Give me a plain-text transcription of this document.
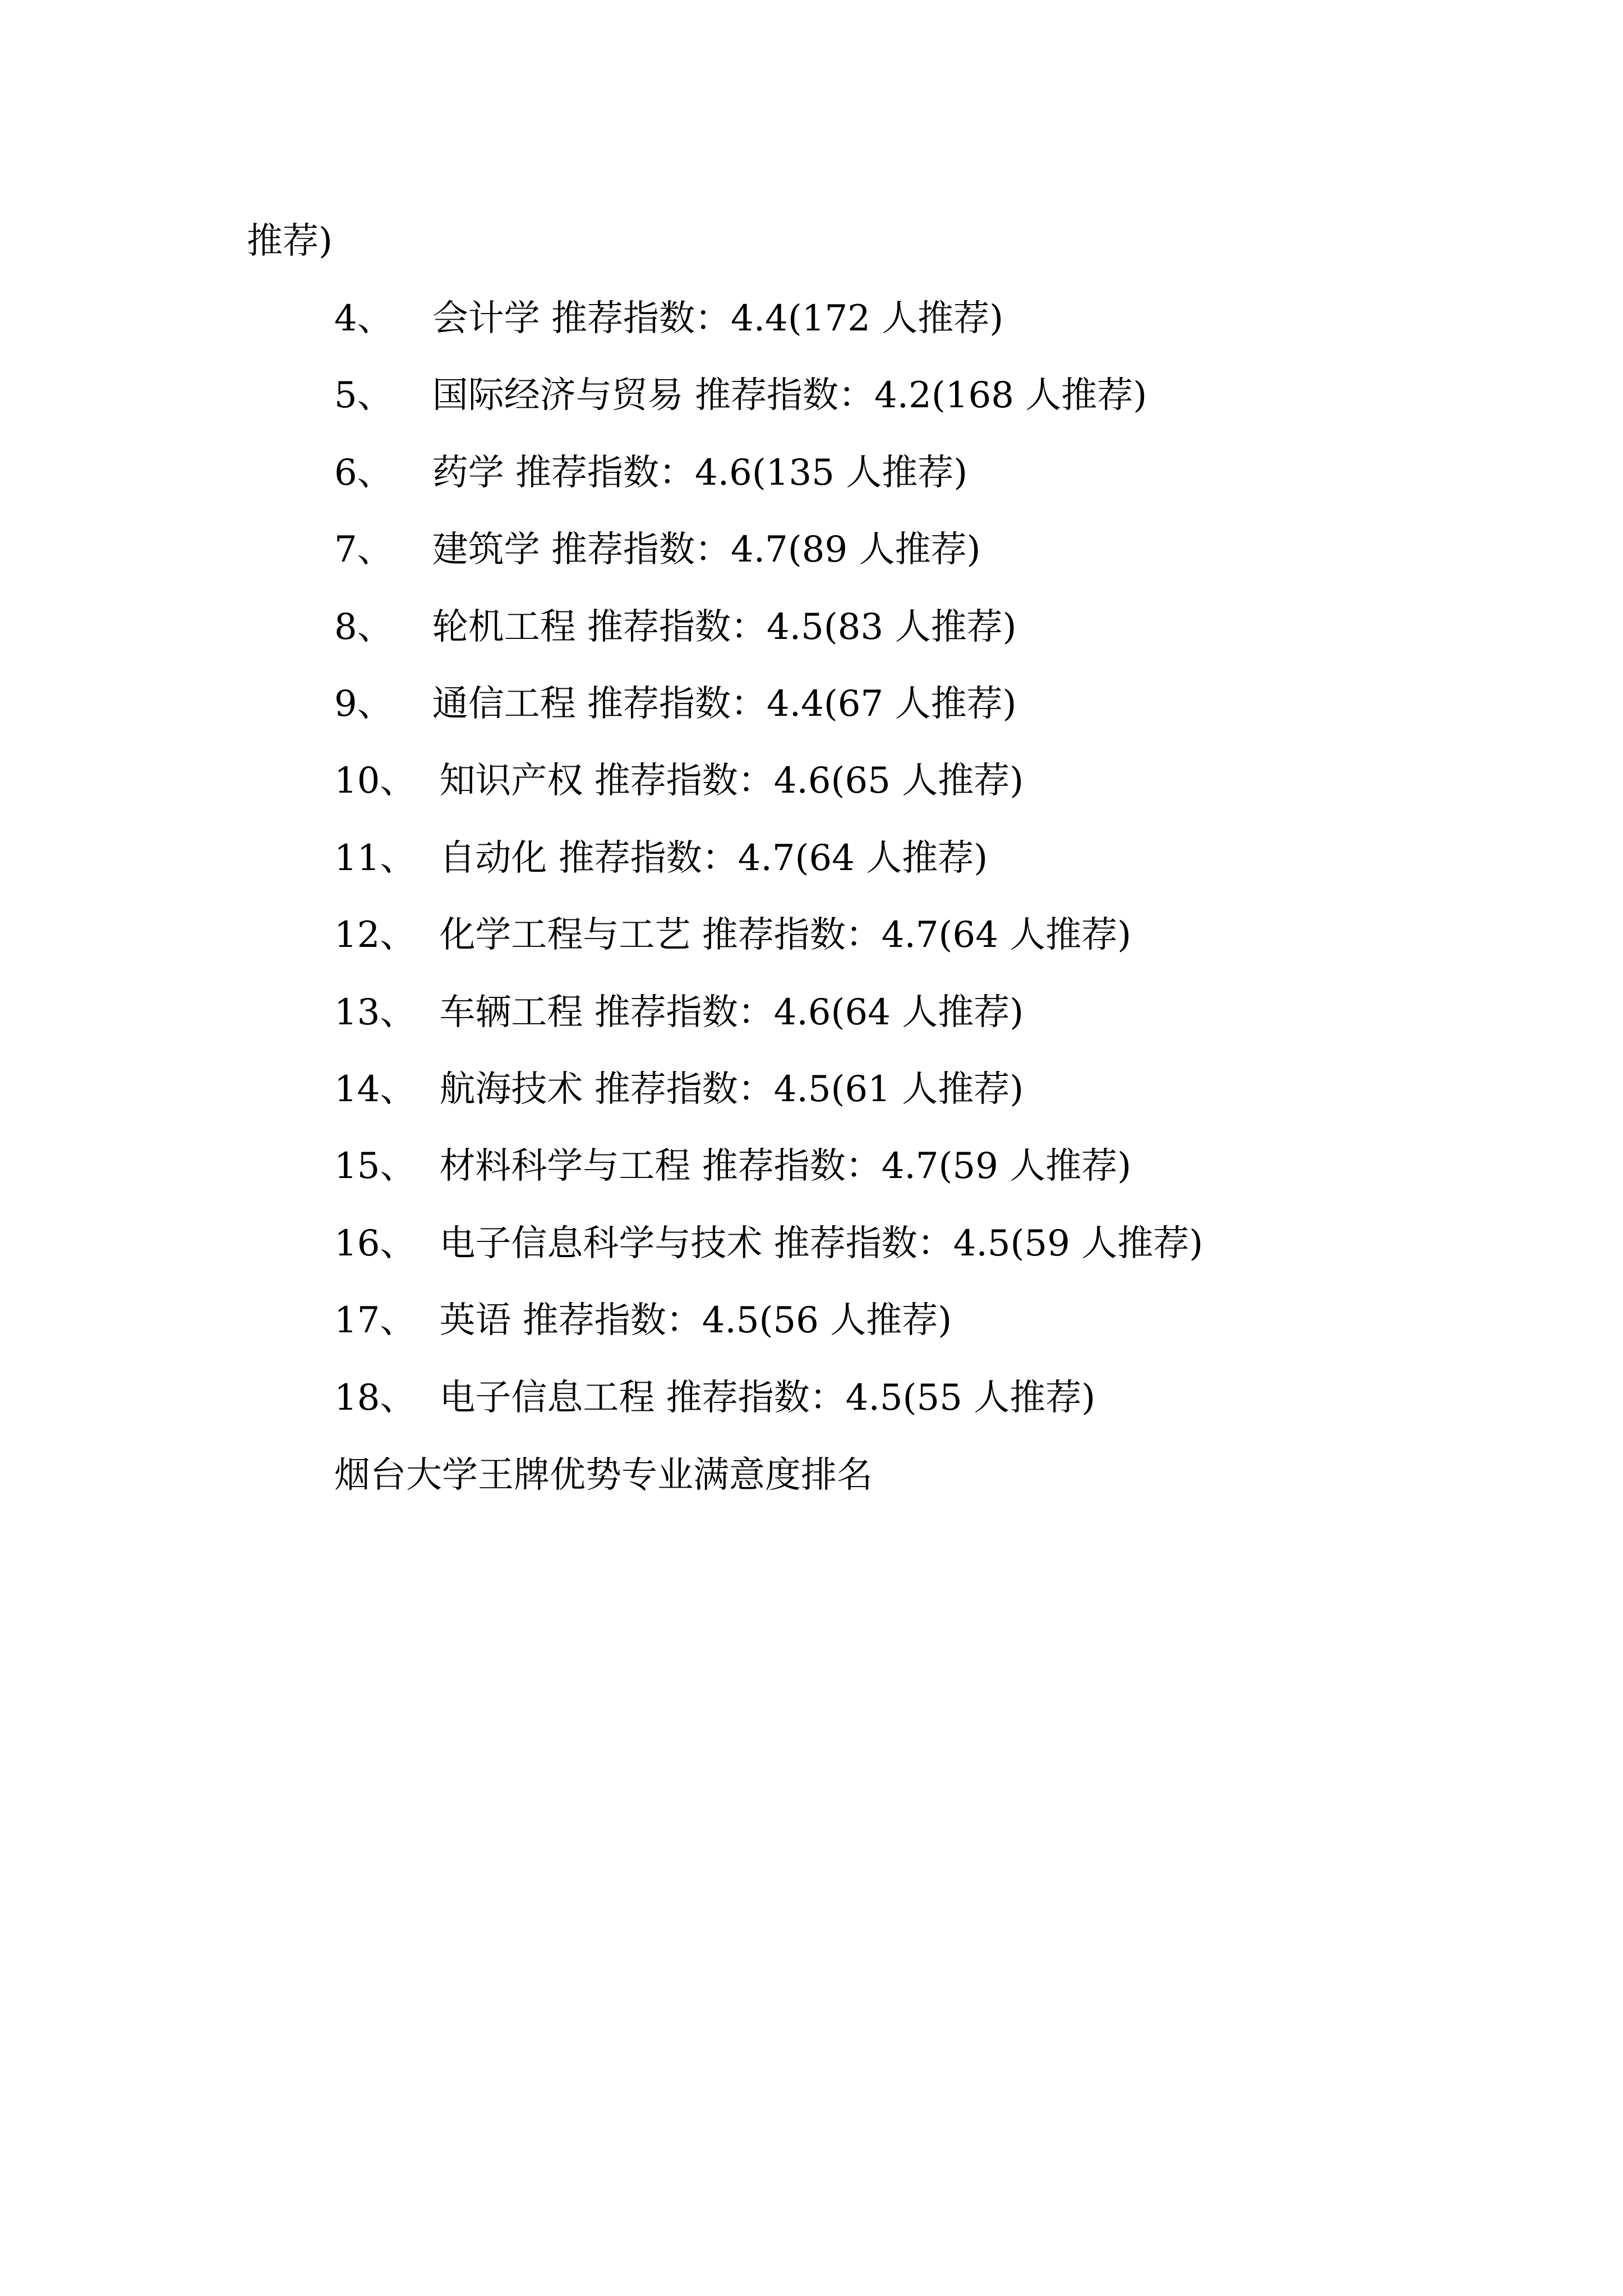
推荐)
4、 会计学 推荐指数：4.4(172 人推荐)
5、 国际经济与贸易 推荐指数：4.2(168 人推荐)
6、 药学 推荐指数：4.6(135 人推荐)
7、 建筑学 推荐指数：4.7(89 人推荐)
8、 轮机工程 推荐指数：4.5(83 人推荐)
9、 通信工程 推荐指数：4.4(67 人推荐)
10、 知识产权 推荐指数：4.6(65 人推荐)
11、 自动化 推荐指数：4.7(64 人推荐)
12、 化学工程与工艺 推荐指数：4.7(64 人推荐)
13、 车辆工程 推荐指数：4.6(64 人推荐)
14、 航海技术 推荐指数：4.5(61 人推荐)
15、 材料科学与工程 推荐指数：4.7(59 人推荐)
16、 电子信息科学与技术 推荐指数：4.5(59 人推荐)
17、 英语 推荐指数：4.5(56 人推荐)
18、 电子信息工程 推荐指数：4.5(55 人推荐)
烟台大学王牌优势专业满意度排名
